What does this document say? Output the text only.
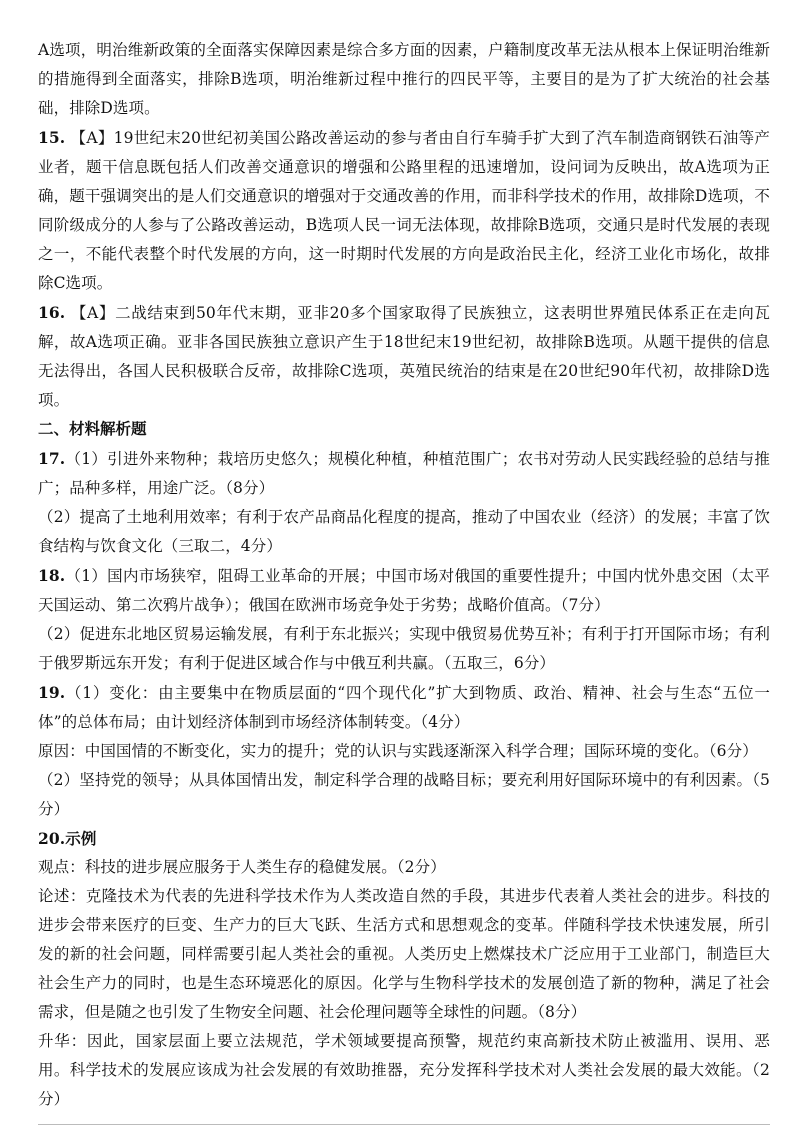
A选项，明治维新政策的全面落实保障因素是综合多方面的因素，户籍制度改革无法从根本上保证明治维新的措施得到全面落实，排除B选项，明治维新过程中推行的四民平等，主要目的是为了扩大统治的社会基础，排除D选项。

15. 【A】19世纪末20世纪初美国公路改善运动的参与者由自行车骑手扩大到了汽车制造商钢铁石油等产业者，题干信息既包括人们改善交通意识的增强和公路里程的迅速增加，设问词为反映出，故A选项为正确，题干强调突出的是人们交通意识的增强对于交通改善的作用，而非科学技术的作用，故排除D选项，不同阶级成分的人参与了公路改善运动，B选项人民一词无法体现，故排除B选项，交通只是时代发展的表现之一，不能代表整个时代发展的方向，这一时期时代发展的方向是政治民主化，经济工业化市场化，故排除C选项。

16. 【A】二战结束到50年代末期，亚非20多个国家取得了民族独立，这表明世界殖民体系正在走向瓦解，故A选项正确。亚非各国民族独立意识产生于18世纪末19世纪初，故排除B选项。从题干提供的信息无法得出，各国人民积极联合反帝，故排除C选项，英殖民统治的结束是在20世纪90年代初，故排除D选项。

二、材料解析题

17.（1）引进外来物种；栽培历史悠久；规模化种植，种植范围广；农书对劳动人民实践经验的总结与推广；品种多样，用途广泛。（8分）

（2）提高了土地利用效率；有利于农产品商品化程度的提高，推动了中国农业（经济）的发展；丰富了饮食结构与饮食文化（三取二，4分）

18.（1）国内市场狭窄，阻碍工业革命的开展；中国市场对俄国的重要性提升；中国内忧外患交困（太平天国运动、第二次鸦片战争）；俄国在欧洲市场竞争处于劣势；战略价值高。（7分）

（2）促进东北地区贸易运输发展，有利于东北振兴；实现中俄贸易优势互补；有利于打开国际市场；有利于俄罗斯远东开发；有利于促进区域合作与中俄互利共赢。（五取三，6分）

19.（1）变化：由主要集中在物质层面的“四个现代化”扩大到物质、政治、精神、社会与生态“五位一体”的总体布局；由计划经济体制到市场经济体制转变。（4分）

原因：中国国情的不断变化，实力的提升；党的认识与实践逐渐深入科学合理；国际环境的变化。（6分）

（2）坚持党的领导；从具体国情出发，制定科学合理的战略目标；要充利用好国际环境中的有利因素。（5分）

20.示例

观点：科技的进步展应服务于人类生存的稳健发展。（2分）

论述：克隆技术为代表的先进科学技术作为人类改造自然的手段，其进步代表着人类社会的进步。科技的进步会带来医疗的巨变、生产力的巨大飞跃、生活方式和思想观念的变革。伴随科学技术快速发展，所引发的新的社会问题，同样需要引起人类社会的重视。人类历史上燃煤技术广泛应用于工业部门，制造巨大社会生产力的同时，也是生态环境恶化的原因。化学与生物科学技术的发展创造了新的物种，满足了社会需求，但是随之也引发了生物安全问题、社会伦理问题等全球性的问题。（8分）

升华：因此，国家层面上要立法规范，学术领域要提高预警，规范约束高新技术防止被滥用、误用、恶用。科学技术的发展应该成为社会发展的有效助推器，充分发挥科学技术对人类社会发展的最大效能。（2分）
